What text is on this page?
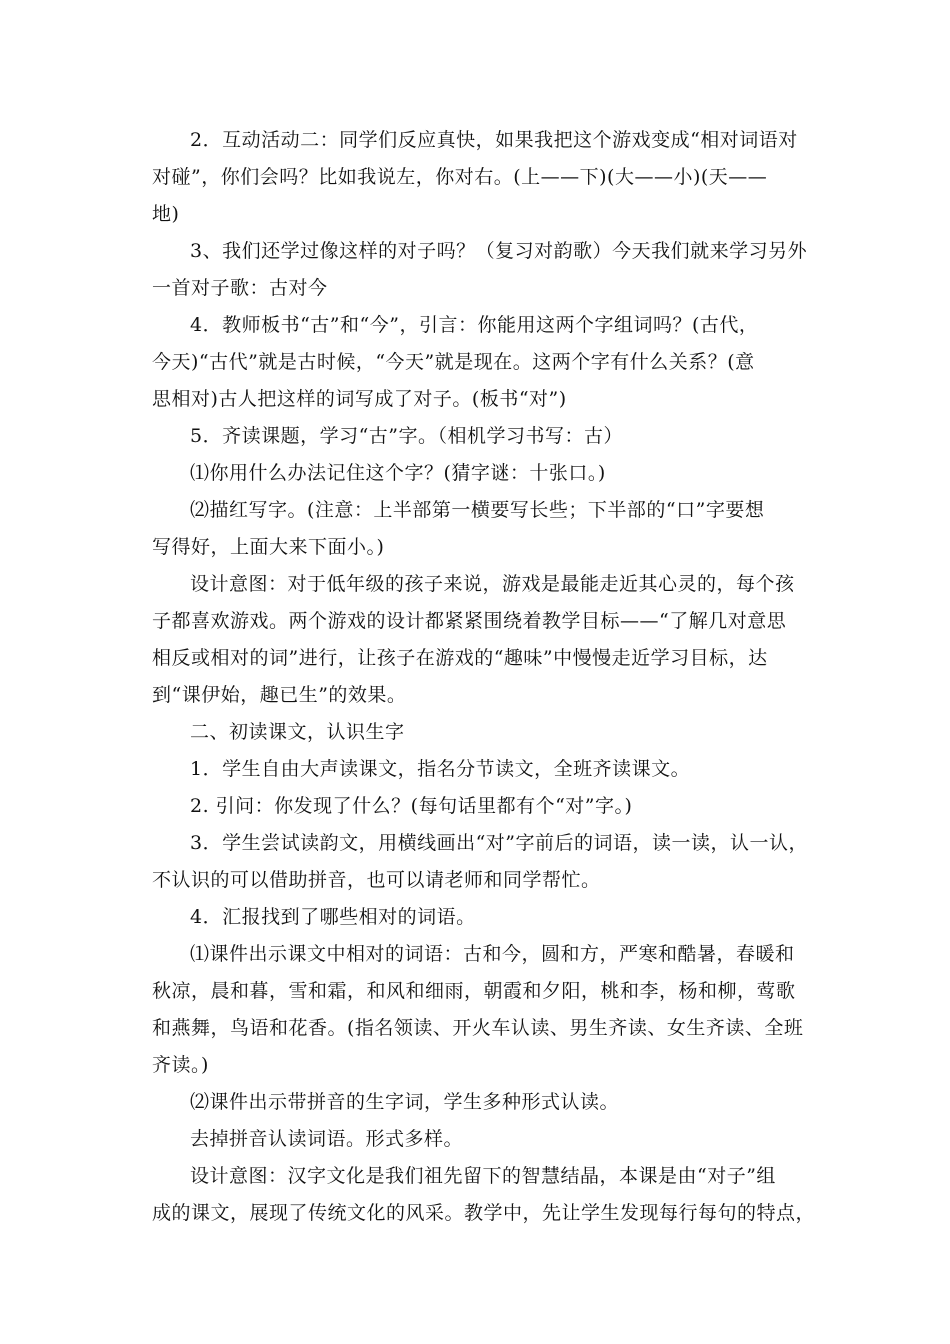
2．互动活动二：同学们反应真快，如果我把这个游戏变成“相对词语对
对碰”，你们会吗？比如我说左，你对右。(上——下)(大——小)(天——
地)
3、我们还学过像这样的对子吗？（复习对韵歌）今天我们就来学习另外
一首对子歌：古对今
4．教师板书“古”和“今”，引言：你能用这两个字组词吗？(古代，
今天)“古代”就是古时候，“今天”就是现在。这两个字有什么关系？(意
思相对)古人把这样的词写成了对子。(板书“对”)
5．齐读课题，学习“古”字。（相机学习书写：古）
⑴你用什么办法记住这个字？(猜字谜：十张口。)
⑵描红写字。(注意：上半部第一横要写长些；下半部的“口”字要想
写得好，上面大来下面小。)
设计意图：对于低年级的孩子来说，游戏是最能走近其心灵的，每个孩
子都喜欢游戏。两个游戏的设计都紧紧围绕着教学目标——“了解几对意思
相反或相对的词”进行，让孩子在游戏的“趣味”中慢慢走近学习目标，达
到“课伊始，趣已生”的效果。
二、初读课文，认识生字
1．学生自由大声读课文，指名分节读文，全班齐读课文。
2. 引问：你发现了什么？(每句话里都有个“对”字。)
3．学生尝试读韵文，用横线画出“对”字前后的词语，读一读，认一认，
不认识的可以借助拼音，也可以请老师和同学帮忙。
4．汇报找到了哪些相对的词语。
⑴课件出示课文中相对的词语：古和今，圆和方，严寒和酷暑，春暖和
秋凉，晨和暮，雪和霜，和风和细雨，朝霞和夕阳，桃和李，杨和柳，莺歌
和燕舞，鸟语和花香。(指名领读、开火车认读、男生齐读、女生齐读、全班
齐读。)
⑵课件出示带拼音的生字词，学生多种形式认读。
去掉拼音认读词语。形式多样。
设计意图：汉字文化是我们祖先留下的智慧结晶，本课是由“对子”组
成的课文，展现了传统文化的风采。教学中，先让学生发现每行每句的特点，
